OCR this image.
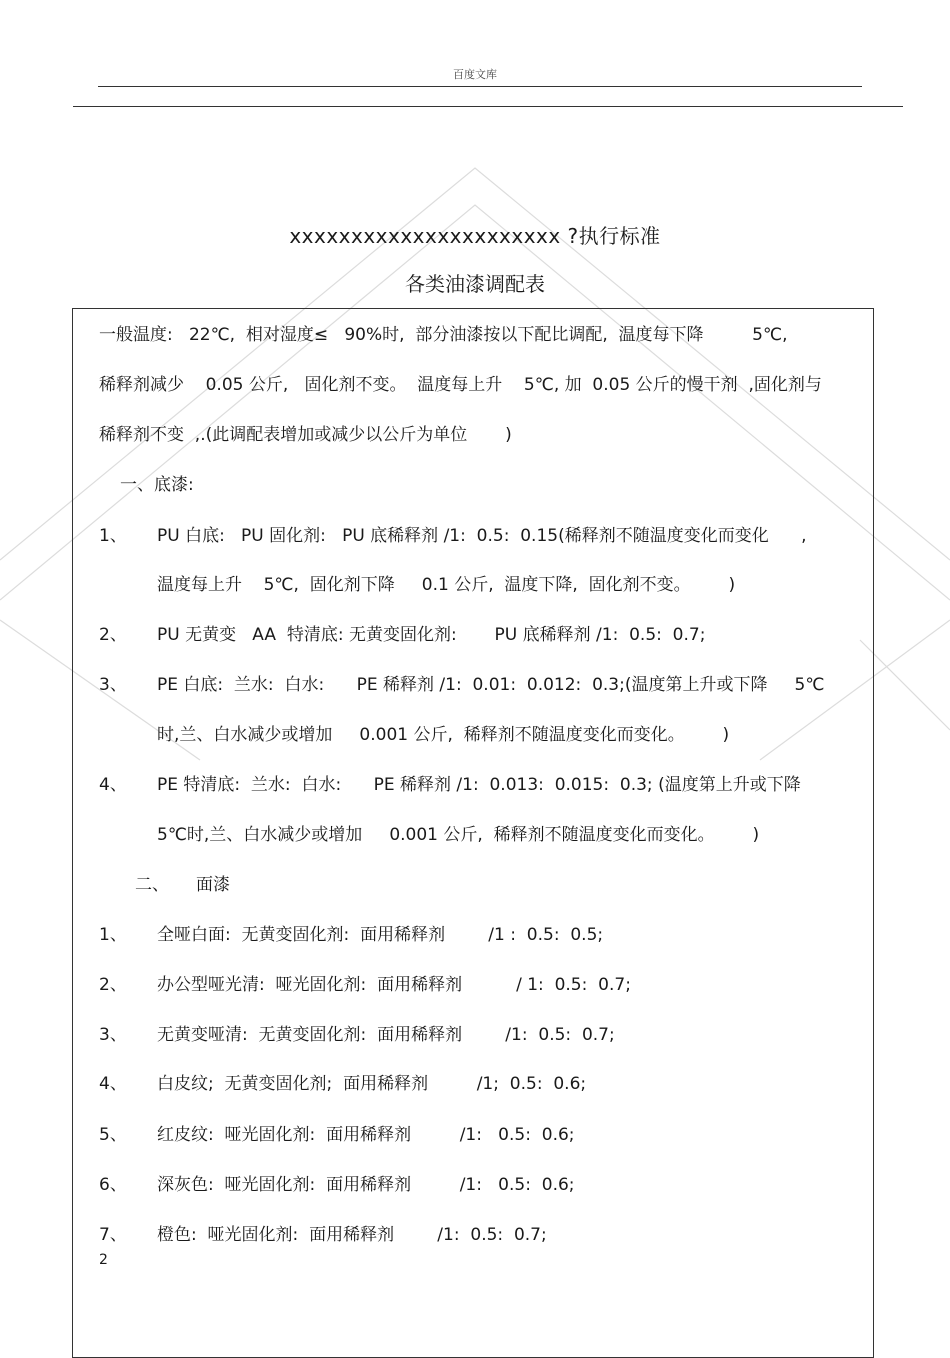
百度文库
xxxxxxxxxxxxxxxxxxxxxx ?执行标准
各类油漆调配表
一般温度:   22℃,  相对湿度≤   90%时,  部分油漆按以下配比调配,  温度每下降         5℃,
稀释剂减少    0.05 公斤,   固化剂不变。  温度每上升    5℃, 加  0.05 公斤的慢干剂  ,固化剂与
稀释剂不变  ,.(此调配表增加或减少以公斤为单位       )
一、底漆:
1、 PU 白底:   PU 固化剂:   PU 底稀释剂 /1:  0.5:  0.15(稀释剂不随温度变化而变化      ,
温度每上升    5℃,  固化剂下降     0.1 公斤,  温度下降,  固化剂不变。       )
2、 PU 无黄变   AA  特清底: 无黄变固化剂:       PU 底稀释剂 /1:  0.5:  0.7;
3、 PE 白底:  兰水:  白水:      PE 稀释剂 /1:  0.01:  0.012:  0.3;(温度第上升或下降     5℃
时,兰、白水减少或增加     0.001 公斤,  稀释剂不随温度变化而变化。       )
4、 PE 特清底:  兰水:  白水:      PE 稀释剂 /1:  0.013:  0.015:  0.3; (温度第上升或下降
5℃时,兰、白水减少或增加     0.001 公斤,  稀释剂不随温度变化而变化。       )
二、     面漆
1、 全哑白面:  无黄变固化剂:  面用稀释剂        /1 :  0.5:  0.5;
2、 办公型哑光清:  哑光固化剂:  面用稀释剂          / 1:  0.5:  0.7;
3、 无黄变哑清:  无黄变固化剂:  面用稀释剂        /1:  0.5:  0.7;
4、 白皮纹;  无黄变固化剂;  面用稀释剂         /1;  0.5:  0.6;
5、 红皮纹:  哑光固化剂:  面用稀释剂         /1:   0.5:  0.6;
6、 深灰色:  哑光固化剂:  面用稀释剂         /1:   0.5:  0.6;
7、 橙色:  哑光固化剂:  面用稀释剂        /1:  0.5:  0.7;
2
